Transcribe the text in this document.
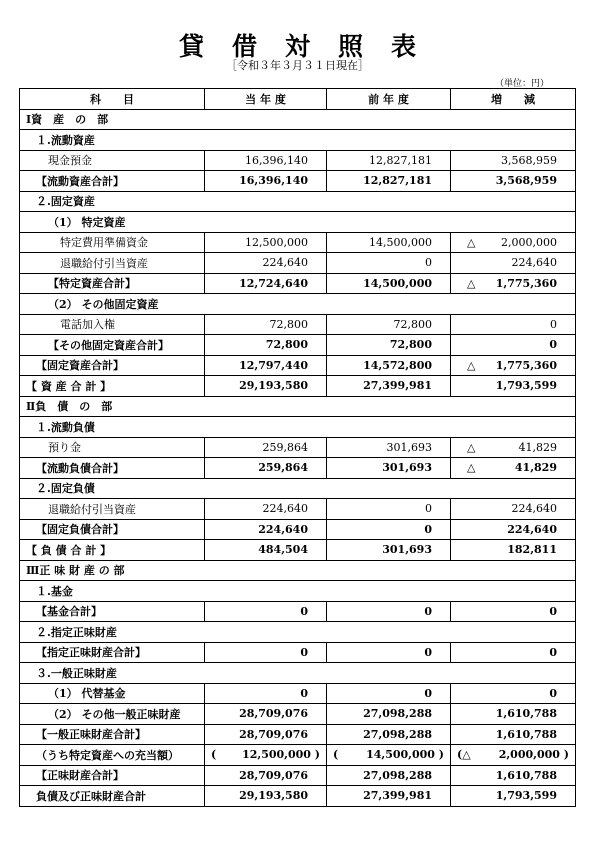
貸借対照表
［令和３年３月３１日現在］
（単位：円）
科　　目	当 年 度	前 年 度	増　　減
Ⅰ資　産　の　部			
１.流動資産			
現金預金	16,396,140	12,827,181	3,568,959

【流動資産合計】	16,396,140	12,827,181	3,568,959

２.固定資産			
（1） 特定資産			
特定費用準備資金	12,500,000	14,500,000	△ 2,000,000

退職給付引当資産	224,640	0	224,640

【特定資産合計】	12,724,640	14,500,000	△ 1,775,360

（2） その他固定資産			
電話加入権	72,800	72,800	0

【その他固定資産合計】	72,800	72,800	0

【固定資産合計】	12,797,440	14,572,800	△ 1,775,360

【 資 産 合 計 】	29,193,580	27,399,981	1,793,599

Ⅱ負　債　の　部			
１.流動負債			
預り金	259,864	301,693	△ 41,829

【流動負債合計】	259,864	301,693	△ 41,829

２.固定負債			
退職給付引当資産	224,640	0	224,640

【固定負債合計】	224,640	0	224,640

【 負 債 合 計 】	484,504	301,693	182,811

Ⅲ正 味 財 産 の 部			
１.基金			
【基金合計】	0	0	0

２.指定正味財産			
【指定正味財産合計】	0	0	0

３.一般正味財産			
（1） 代替基金	0	0	0

（2） その他一般正味財産	28,709,076	27,098,288	1,610,788

【一般正味財産合計】	28,709,076	27,098,288	1,610,788

（うち特定資産への充当額）	( 12,500,000 )	( 14,500,000 )	(△ 2,000,000 )

【正味財産合計】	28,709,076	27,098,288	1,610,788

負債及び正味財産合計	29,193,580	27,399,981	1,793,599
